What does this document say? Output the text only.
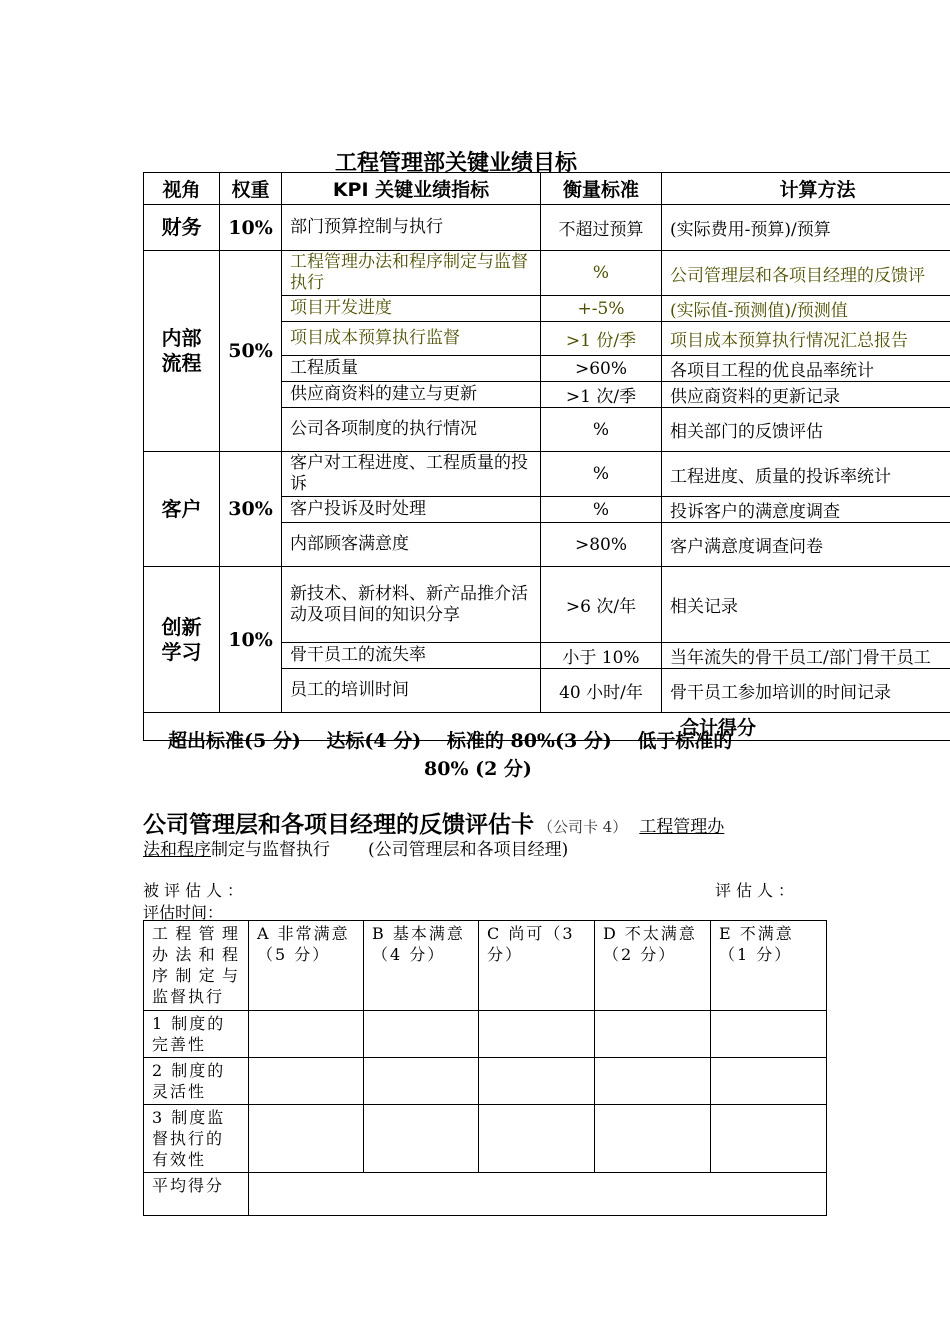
工程管理部关键业绩目标
视角	权重	KPI 关键业绩指标	衡量标准	计算方法
财务	10%	部门预算控制与执行	不超过预算	(实际费用-预算)/预算
内部流程	50%	工程管理办法和程序制定与监督执行	%	公司管理层和各项目经理的反馈评
		项目开发进度	+-5%	(实际值-预测值)/预测值
		项目成本预算执行监督	>1 份/季	项目成本预算执行情况汇总报告
		工程质量	>60%	各项目工程的优良品率统计
		供应商资料的建立与更新	>1 次/季	供应商资料的更新记录
		公司各项制度的执行情况	%	相关部门的反馈评估
客户	30%	客户对工程进度、工程质量的投诉	%	工程进度、质量的投诉率统计
		客户投诉及时处理	%	投诉客户的满意度调查
		内部顾客满意度	>80%	客户满意度调查问卷
创新学习	10%	新技术、新材料、新产品推介活动及项目间的知识分享	>6 次/年	相关记录
		骨干员工的流失率	小于 10%	当年流失的骨干员工/部门骨干员工
		员工的培训时间	40 小时/年	骨干员工参加培训的时间记录
合计得分				
超出标准(5 分)　 达标(4 分)　 标准的 80%(3 分)　 低于标准的
80% (2 分)
公司管理层和各项目经理的反馈评估卡 （公司卡 4） 工程管理办
法和程序制定与监督执行 (公司管理层和各项目经理)
被评估人：	评估人：
评估时间：
工程管理办法和程序制定与监督执行	A 非常满意（5 分）	B 基本满意（4 分）	C 尚可（3 分）	D 不太满意（2 分）	E 不满意（1 分）
1 制度的完善性					
2 制度的灵活性					
3 制度监督执行的有效性					
平均得分					
